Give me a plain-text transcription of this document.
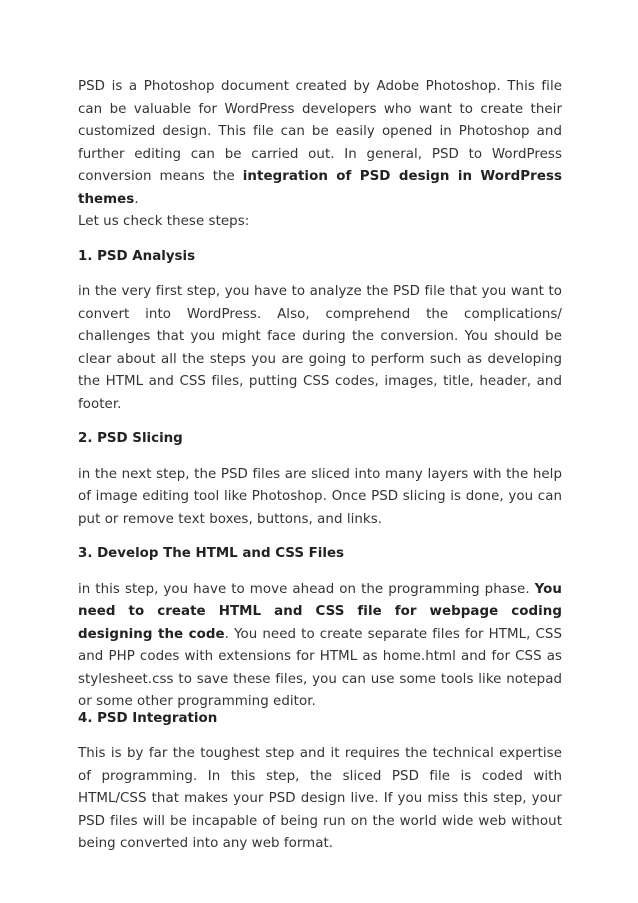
PSD is a Photoshop document created by Adobe Photoshop. This file can be valuable for WordPress developers who want to create their customized design. This file can be easily opened in Photoshop and further editing can be carried out. In general, PSD to WordPress conversion means the integration of PSD design in WordPress themes.

Let us check these steps:

1. PSD Analysis

in the very first step, you have to analyze the PSD file that you want to convert into WordPress. Also, comprehend the complications/ challenges that you might face during the conversion. You should be clear about all the steps you are going to perform such as developing the HTML and CSS files, putting CSS codes, images, title, header, and footer.

2. PSD Slicing

in the next step, the PSD files are sliced into many layers with the help of image editing tool like Photoshop. Once PSD slicing is done, you can put or remove text boxes, buttons, and links.

3. Develop The HTML and CSS Files

in this step, you have to move ahead on the programming phase. You need to create HTML and CSS file for webpage coding designing the code. You need to create separate files for HTML, CSS and PHP codes with extensions for HTML as home.html and for CSS as stylesheet.css to save these files, you can use some tools like notepad or some other programming editor.

4. PSD Integration

This is by far the toughest step and it requires the technical expertise of programming. In this step, the sliced PSD file is coded with HTML/CSS that makes your PSD design live. If you miss this step, your PSD files will be incapable of being run on the world wide web without being converted into any web format.
